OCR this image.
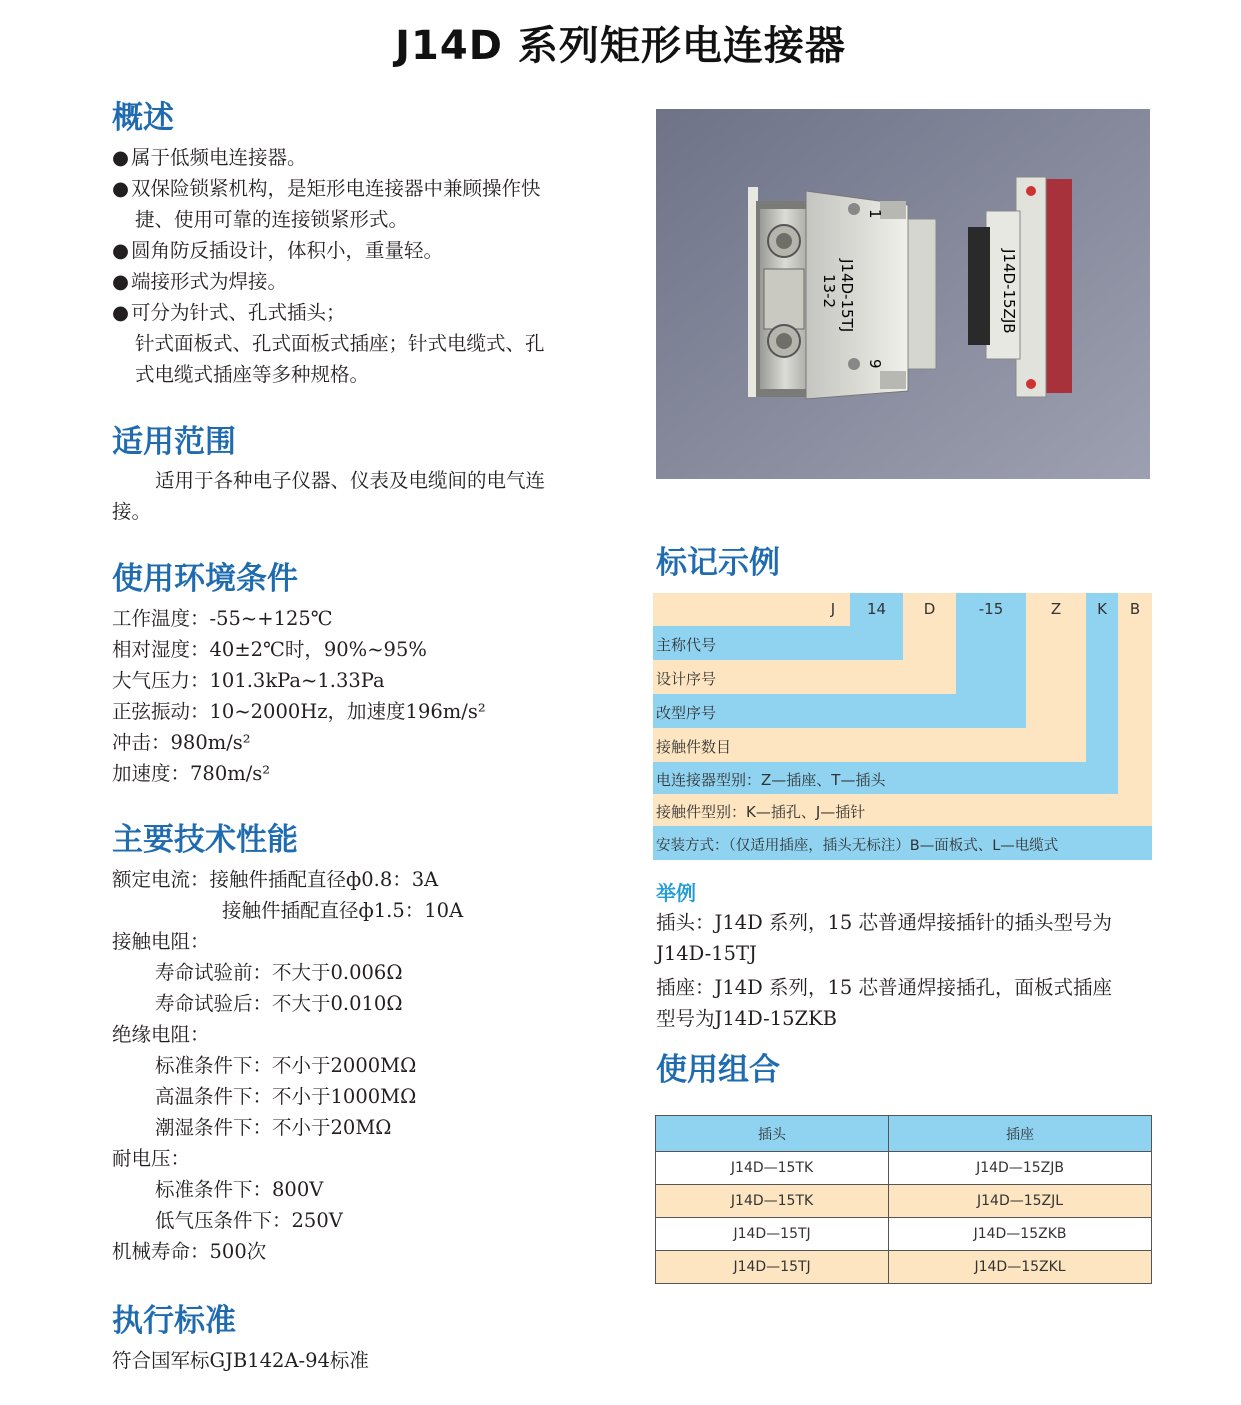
J14D 系列矩形电连接器
概述
● 属于低频电连接器。
● 双保险锁紧机构，是矩形电连接器中兼顾操作快
捷、使用可靠的连接锁紧形式。
● 圆角防反插设计，体积小，重量轻。
● 端接形式为焊接。
● 可分为针式、孔式插头；
针式面板式、孔式面板式插座；针式电缆式、孔
式电缆式插座等多种规格。
适用范围
适用于各种电子仪器、仪表及电缆间的电气连
接。
使用环境条件
工作温度：-55~+125℃
相对湿度：40±2℃时，90%~95%
大气压力：101.3kPa~1.33Pa
正弦振动：10~2000Hz，加速度196m/s²
冲击：980m/s²
加速度：780m/s²
主要技术性能
额定电流：接触件插配直径ф0.8：3A
接触件插配直径ф1.5：10A
接触电阻：
寿命试验前：不大于0.006Ω
寿命试验后：不大于0.010Ω
绝缘电阻：
标准条件下：不小于2000MΩ
高温条件下：不小于1000MΩ
潮湿条件下：不小于20MΩ
耐电压：
标准条件下：800V
低气压条件下：250V
机械寿命：500次
执行标准
符合国军标GJB142A-94标准
J14D-15TJ
13-2
1
9
J14D-15ZJB
标记示例
J	14	D	-15	Z	K	B
主称代号
设计序号
改型序号
接触件数目
电连接器型别：Z—插座、T—插头
接触件型别：K—插孔、J—插针
安装方式：（仅适用插座，插头无标注）B—面板式、L—电缆式
举例
插头：J14D 系列，15 芯普通焊接插针的插头型号为
J14D-15TJ
插座：J14D 系列，15 芯普通焊接插孔，面板式插座
型号为J14D-15ZKB
使用组合
插头	插座
J14D—15TK	J14D—15ZJB
J14D—15TK	J14D—15ZJL
J14D—15TJ	J14D—15ZKB
J14D—15TJ	J14D—15ZKL
